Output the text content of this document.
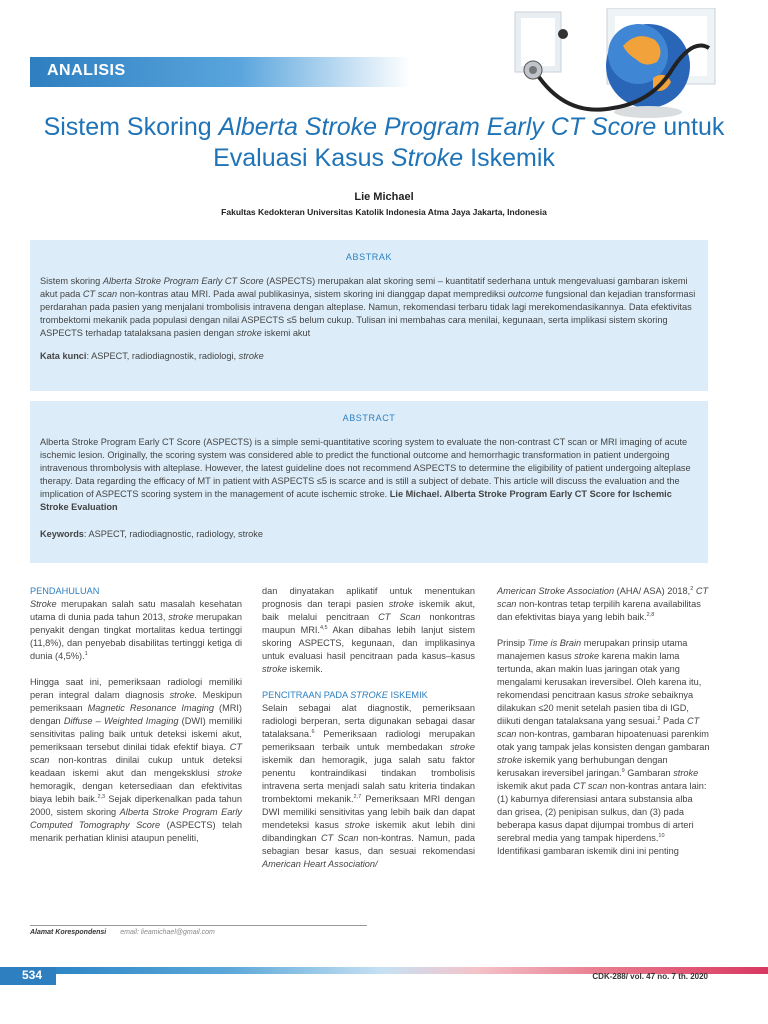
ANALISIS
Sistem Skoring Alberta Stroke Program Early CT Score untuk Evaluasi Kasus Stroke Iskemik
Lie Michael
Fakultas Kedokteran Universitas Katolik Indonesia Atma Jaya Jakarta, Indonesia
ABSTRAK
Sistem skoring Alberta Stroke Program Early CT Score (ASPECTS) merupakan alat skoring semi – kuantitatif sederhana untuk mengevaluasi gambaran iskemi akut pada CT scan non-kontras atau MRI. Pada awal publikasinya, sistem skoring ini dianggap dapat memprediksi outcome fungsional dan kejadian transformasi perdarahan pada pasien yang menjalani trombolisis intravena dengan alteplase. Namun, rekomendasi terbaru tidak lagi merekomendasikannya. Data efektivitas trombektomi mekanik pada populasi dengan nilai ASPECTS ≤5 belum cukup. Tulisan ini membahas cara menilai, kegunaan, serta implikasi sistem skoring ASPECTS terhadap tatalaksana pasien dengan stroke iskemi akut
Kata kunci: ASPECT, radiodiagnostik, radiologi, stroke
ABSTRACT
Alberta Stroke Program Early CT Score (ASPECTS) is a simple semi-quantitative scoring system to evaluate the non-contrast CT scan or MRI imaging of acute ischemic lesion. Originally, the scoring system was considered able to predict the functional outcome and hemorrhagic transformation in patient undergoing intravenous thrombolysis with alteplase. However, the latest guideline does not recommend ASPECTS to determine the eligibility of patient undergoing alteplase therapy. Data regarding the efficacy of MT in patient with ASPECTS ≤5 is scarce and is still a subject of debate. This article will discuss the evaluation and the implication of ASPECTS scoring system in the management of acute ischemic stroke. Lie Michael. Alberta Stroke Program Early CT Score for Ischemic Stroke Evaluation
Keywords: ASPECT, radiodiagnostic, radiology, stroke

PENDAHULUAN

Stroke merupakan salah satu masalah kesehatan utama di dunia pada tahun 2013, stroke merupakan penyakit dengan tingkat mortalitas kedua tertinggi (11,8%), dan penyebab disabilitas tertinggi ketiga di dunia (4,5%).$^1$

Hingga saat ini, pemeriksaan radiologi memiliki peran integral dalam diagnosis stroke. Meskipun pemeriksaan Magnetic Resonance Imaging (MRI) dengan Diffuse – Weighted Imaging (DWI) memiliki sensitivitas paling baik untuk deteksi iskemi akut, pemeriksaan tersebut dinilai tidak efektif biaya. CT scan non-kontras dinilai cukup untuk deteksi keadaan iskemi akut dan mengeksklusi stroke hemoragik, dengan ketersediaan dan efektivitas biaya lebih baik.$^{2,3}$ Sejak diperkenalkan pada tahun 2000, sistem skoring Alberta Stroke Program Early Computed Tomography Score (ASPECTS) telah menarik perhatian klinisi ataupun peneliti,

dan dinyatakan aplikatif untuk menentukan prognosis dan terapi pasien stroke iskemik akut, baik melalui pencitraan CT Scan nonkontras maupun MRI.$^{4,5}$ Akan dibahas lebih lanjut sistem skoring ASPECTS, kegunaan, dan implikasinya untuk evaluasi hasil pencitraan pada kasus–kasus stroke iskemik.

PENCITRAAN PADA STROKE ISKEMIK

Selain sebagai alat diagnostik, pemeriksaan radiologi berperan, serta digunakan sebagai dasar tatalaksana.$^6$ Pemeriksaan radiologi merupakan pemeriksaan terbaik untuk membedakan stroke iskemik dan hemoragik, juga salah satu faktor penentu kontraindikasi tindakan trombolisis intravena serta menjadi salah satu kriteria tindakan trombektomi mekanik.$^{2,7}$ Pemeriksaan MRI dengan DWI memiliki sensitivitas yang lebih baik dan dapat mendeteksi kasus stroke iskemik akut lebih dini dibandingkan CT Scan non-kontras. Namun, pada sebagian besar kasus, dan sesuai rekomendasi American Heart Association/

American Stroke Association (AHA/ ASA) 2018,$^2$ CT scan non-kontras tetap terpilih karena availabilitas dan efektivitas biaya yang lebih baik.$^{2,8}$

Prinsip Time is Brain merupakan prinsip utama manajemen kasus stroke karena makin lama tertunda, akan makin luas jaringan otak yang mengalami kerusakan ireversibel. Oleh karena itu, rekomendasi pencitraan kasus stroke sebaiknya dilakukan ≤20 menit setelah pasien tiba di IGD, diikuti dengan tatalaksana yang sesuai.$^2$ Pada CT scan non-kontras, gambaran hipoatenuasi parenkim otak yang tampak jelas konsisten dengan gambaran stroke iskemik yang berhubungan dengan kerusakan ireversibel jaringan.$^9$ Gambaran stroke iskemik akut pada CT scan non-kontras antara lain: (1) kaburnya diferensiasi antara substansia alba dan grisea, (2) penipisan sulkus, dan (3) pada beberapa kasus dapat dijumpai trombus di arteri serebral media yang tampak hiperdens.$^{10}$ Identifikasi gambaran iskemik dini ini penting

Alamat Korespondensi email: lieamichael@gmail.com
534	CDK-288/ vol. 47 no. 7 th. 2020
